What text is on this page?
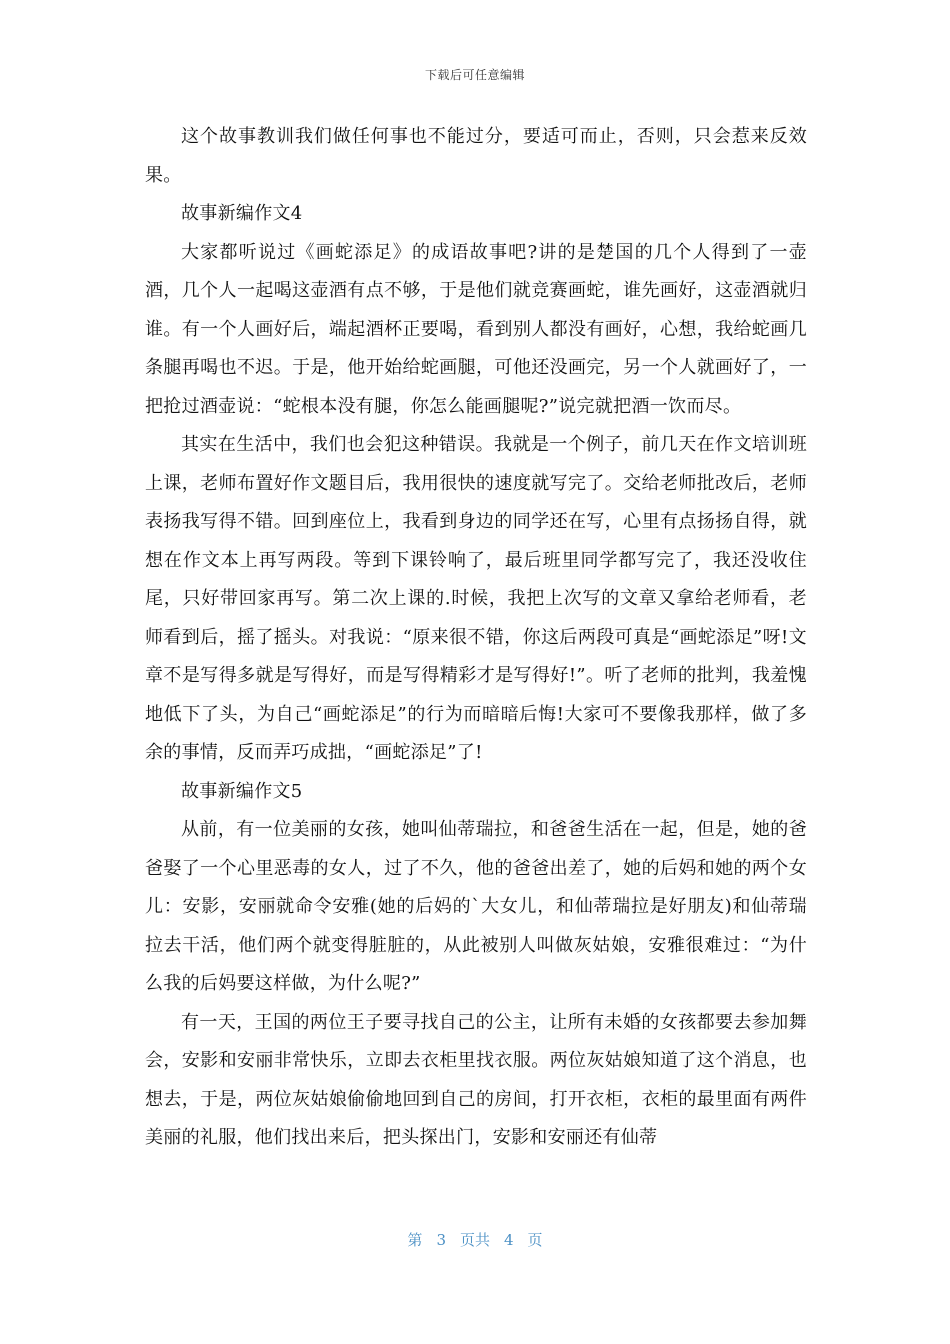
下载后可任意编辑

这个故事教训我们做任何事也不能过分，要适可而止，否则，只会惹来反效果。

故事新编作文4

大家都听说过《画蛇添足》的成语故事吧?讲的是楚国的几个人得到了一壶酒，几个人一起喝这壶酒有点不够，于是他们就竞赛画蛇，谁先画好，这壶酒就归谁。有一个人画好后，端起酒杯正要喝，看到别人都没有画好，心想，我给蛇画几条腿再喝也不迟。于是，他开始给蛇画腿，可他还没画完，另一个人就画好了，一把抢过酒壶说：“蛇根本没有腿，你怎么能画腿呢?”说完就把酒一饮而尽。

其实在生活中，我们也会犯这种错误。我就是一个例子，前几天在作文培训班上课，老师布置好作文题目后，我用很快的速度就写完了。交给老师批改后，老师表扬我写得不错。回到座位上，我看到身边的同学还在写，心里有点扬扬自得，就想在作文本上再写两段。等到下课铃响了，最后班里同学都写完了，我还没收住尾，只好带回家再写。第二次上课的.时候，我把上次写的文章又拿给老师看，老师看到后，摇了摇头。对我说：“原来很不错，你这后两段可真是“画蛇添足”呀!文章不是写得多就是写得好，而是写得精彩才是写得好!”。听了老师的批判，我羞愧地低下了头，为自己“画蛇添足”的行为而暗暗后悔!大家可不要像我那样，做了多余的事情，反而弄巧成拙，“画蛇添足”了!

故事新编作文5

从前，有一位美丽的女孩，她叫仙蒂瑞拉，和爸爸生活在一起，但是，她的爸爸娶了一个心里恶毒的女人，过了不久，他的爸爸出差了，她的后妈和她的两个女儿：安影，安丽就命令安雅(她的后妈的`大女儿，和仙蒂瑞拉是好朋友)和仙蒂瑞拉去干活，他们两个就变得脏脏的，从此被别人叫做灰姑娘，安雅很难过：“为什么我的后妈要这样做，为什么呢?”

有一天，王国的两位王子要寻找自己的公主，让所有未婚的女孩都要去参加舞会，安影和安丽非常快乐，立即去衣柜里找衣服。两位灰姑娘知道了这个消息，也想去，于是，两位灰姑娘偷偷地回到自己的房间，打开衣柜，衣柜的最里面有两件美丽的礼服，他们找出来后，把头探出门，安影和安丽还有仙蒂

第 3 页共 4 页
